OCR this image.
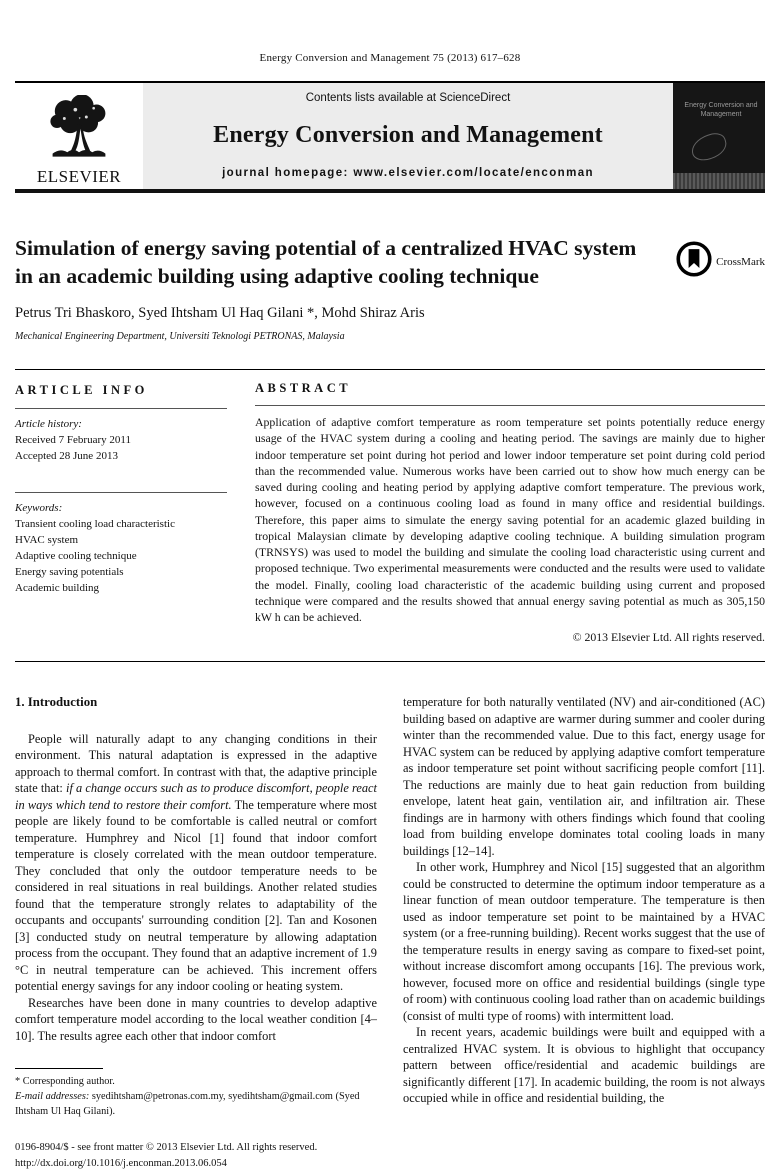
Energy Conversion and Management 75 (2013) 617–628
ELSEVIER
Contents lists available at ScienceDirect
Energy Conversion and Management
journal homepage: www.elsevier.com/locate/enconman
Energy Conversion and Management
Simulation of energy saving potential of a centralized HVAC system in an academic building using adaptive cooling technique
CrossMark
Petrus Tri Bhaskoro, Syed Ihtsham Ul Haq Gilani *, Mohd Shiraz Aris
Mechanical Engineering Department, Universiti Teknologi PETRONAS, Malaysia
ARTICLE INFO
Article history:
Received 7 February 2011
Accepted 28 June 2013
Keywords:
Transient cooling load characteristic
HVAC system
Adaptive cooling technique
Energy saving potentials
Academic building
ABSTRACT
Application of adaptive comfort temperature as room temperature set points potentially reduce energy usage of the HVAC system during a cooling and heating period. The savings are mainly due to higher indoor temperature set point during hot period and lower indoor temperature set point during cold period than the recommended value. Numerous works have been carried out to show how much energy can be saved during cooling and heating period by applying adaptive comfort temperature. The previous work, however, focused on a continuous cooling load as found in many office and residential buildings. Therefore, this paper aims to simulate the energy saving potential for an academic glazed building in tropical Malaysian climate by developing adaptive cooling technique. A building simulation program (TRNSYS) was used to model the building and simulate the cooling load characteristic using current and proposed technique. Two experimental measurements were conducted and the results were used to validate the model. Finally, cooling load characteristic of the academic building using current and proposed technique were compared and the results showed that annual energy saving potential as much as 305,150 kW h can be achieved.
© 2013 Elsevier Ltd. All rights reserved.
1. Introduction

People will naturally adapt to any changing conditions in their environment. This natural adaptation is expressed in the adaptive approach to thermal comfort. In contrast with that, the adaptive principle state that: if a change occurs such as to produce discomfort, people react in ways which tend to restore their comfort. The temperature where most people are likely found to be comfortable is called neutral or comfort temperature. Humphrey and Nicol [1] found that indoor comfort temperature is closely correlated with the mean outdoor temperature. They concluded that only the outdoor temperature needs to be considered in real situations in real buildings. Another related studies found that the temperature strongly relates to adaptability of the occupants and occupants' surrounding condition [2]. Tan and Kosonen [3] conducted study on neutral temperature by allowing adaptation process from the occupant. They found that an adaptive increment of 1.9 °C in neutral temperature can be achieved. This increment offers potential energy savings for any indoor cooling or heating system.

Researches have been done in many countries to develop adaptive comfort temperature model according to the local weather condition [4–10]. The results agree each other that indoor comfort

* Corresponding author.
E-mail addresses: syedihtsham@petronas.com.my, syedihtsham@gmail.com (Syed Ihtsham Ul Haq Gilani).
0196-8904/$ - see front matter © 2013 Elsevier Ltd. All rights reserved.
http://dx.doi.org/10.1016/j.enconman.2013.06.054

temperature for both naturally ventilated (NV) and air-conditioned (AC) building based on adaptive are warmer during summer and cooler during winter than the recommended value. Due to this fact, energy usage for HVAC system can be reduced by applying adaptive comfort temperature as indoor temperature set point without sacrificing people comfort [11]. The reductions are mainly due to heat gain reduction from building envelope, latent heat gain, ventilation air, and infiltration air. These findings are in harmony with others findings which found that cooling load from building envelope dominates total cooling loads in many buildings [12–14].

In other work, Humphrey and Nicol [15] suggested that an algorithm could be constructed to determine the optimum indoor temperature as a linear function of mean outdoor temperature. The temperature is then used as indoor temperature set point to be maintained by a HVAC system (or a free-running building). Recent works suggest that the use of the temperature results in energy saving as compare to fixed-set point, without increase discomfort among occupants [16]. The previous work, however, focused more on office and residential buildings (single type of room) with continuous cooling load rather than on academic buildings (consist of multi type of rooms) with intermittent load.

In recent years, academic buildings were built and equipped with a centralized HVAC system. It is obvious to highlight that occupancy pattern between office/residential and academic buildings are significantly different [17]. In academic building, the room is not always occupied while in office and residential building, the
